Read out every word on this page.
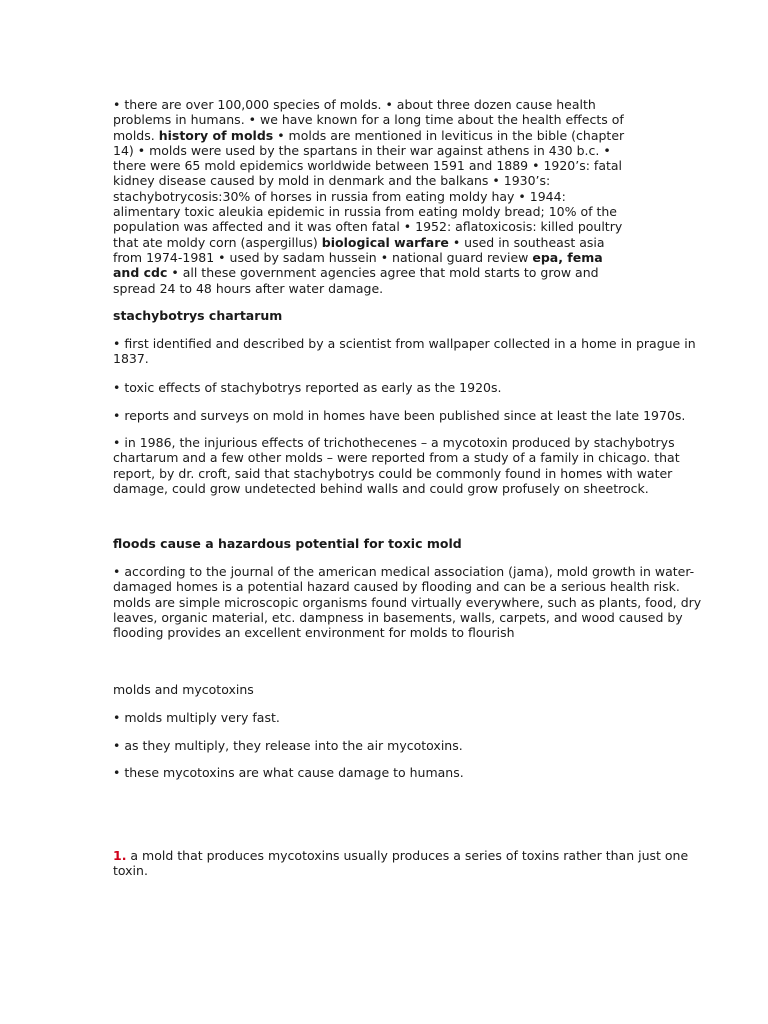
• there are over 100,000 species of molds. • about three dozen cause health problems in humans. • we have known for a long time about the health effects of molds. history of molds • molds are mentioned in leviticus in the bible (chapter 14) • molds were used by the spartans in their war against athens in 430 b.c. • there were 65 mold epidemics worldwide between 1591 and 1889 • 1920’s: fatal kidney disease caused by mold in denmark and the balkans • 1930’s: stachybotrycosis:30% of horses in russia from eating moldy hay • 1944: alimentary toxic aleukia epidemic in russia from eating moldy bread; 10% of the population was affected and it was often fatal • 1952: aflatoxicosis: killed poultry that ate moldy corn (aspergillus) biological warfare • used in southeast asia from 1974-1981 • used by sadam hussein • national guard review epa, fema and cdc • all these government agencies agree that mold starts to grow and spread 24 to 48 hours after water damage.

stachybotrys chartarum

• first identified and described by a scientist from wallpaper collected in a home in prague in 1837.

• toxic effects of stachybotrys reported as early as the 1920s.

• reports and surveys on mold in homes have been published since at least the late 1970s.

• in 1986, the injurious effects of trichothecenes – a mycotoxin produced by stachybotrys chartarum and a few other molds – were reported from a study of a family in chicago. that report, by dr. croft, said that stachybotrys could be commonly found in homes with water damage, could grow undetected behind walls and could grow profusely on sheetrock.

floods cause a hazardous potential for toxic mold

• according to the journal of the american medical association (jama), mold growth in water-damaged homes is a potential hazard caused by flooding and can be a serious health risk. molds are simple microscopic organisms found virtually everywhere, such as plants, food, dry leaves, organic material, etc. dampness in basements, walls, carpets, and wood caused by flooding provides an excellent environment for molds to flourish

molds and mycotoxins

• molds multiply very fast.

• as they multiply, they release into the air mycotoxins.

• these mycotoxins are what cause damage to humans.

1. a mold that produces mycotoxins usually produces a series of toxins rather than just one toxin.
